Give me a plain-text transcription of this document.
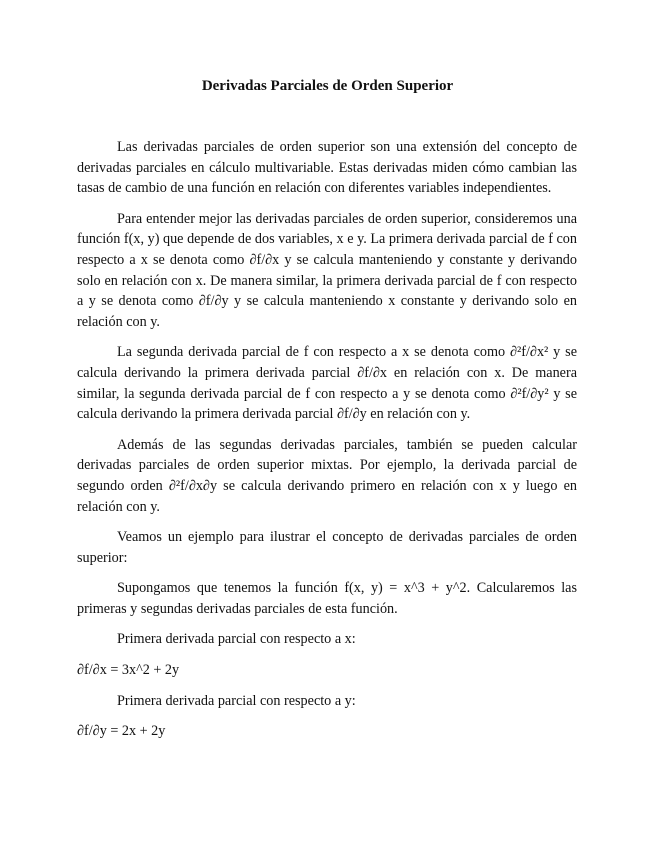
Derivadas Parciales de Orden Superior

Las derivadas parciales de orden superior son una extensión del concepto de derivadas parciales en cálculo multivariable. Estas derivadas miden cómo cambian las tasas de cambio de una función en relación con diferentes variables independientes.

Para entender mejor las derivadas parciales de orden superior, consideremos una función f(x, y) que depende de dos variables, x e y. La primera derivada parcial de f con respecto a x se denota como ∂f/∂x y se calcula manteniendo y constante y derivando solo en relación con x. De manera similar, la primera derivada parcial de f con respecto a y se denota como ∂f/∂y y se calcula manteniendo x constante y derivando solo en relación con y.

La segunda derivada parcial de f con respecto a x se denota como ∂²f/∂x² y se calcula derivando la primera derivada parcial ∂f/∂x en relación con x. De manera similar, la segunda derivada parcial de f con respecto a y se denota como ∂²f/∂y² y se calcula derivando la primera derivada parcial ∂f/∂y en relación con y.

Además de las segundas derivadas parciales, también se pueden calcular derivadas parciales de orden superior mixtas. Por ejemplo, la derivada parcial de segundo orden ∂²f/∂x∂y se calcula derivando primero en relación con x y luego en relación con y.

Veamos un ejemplo para ilustrar el concepto de derivadas parciales de orden superior:

Supongamos que tenemos la función f(x, y) = x^3 + y^2. Calcularemos las primeras y segundas derivadas parciales de esta función.

Primera derivada parcial con respecto a x:

∂f/∂x = 3x^2 + 2y

Primera derivada parcial con respecto a y:

∂f/∂y = 2x + 2y
